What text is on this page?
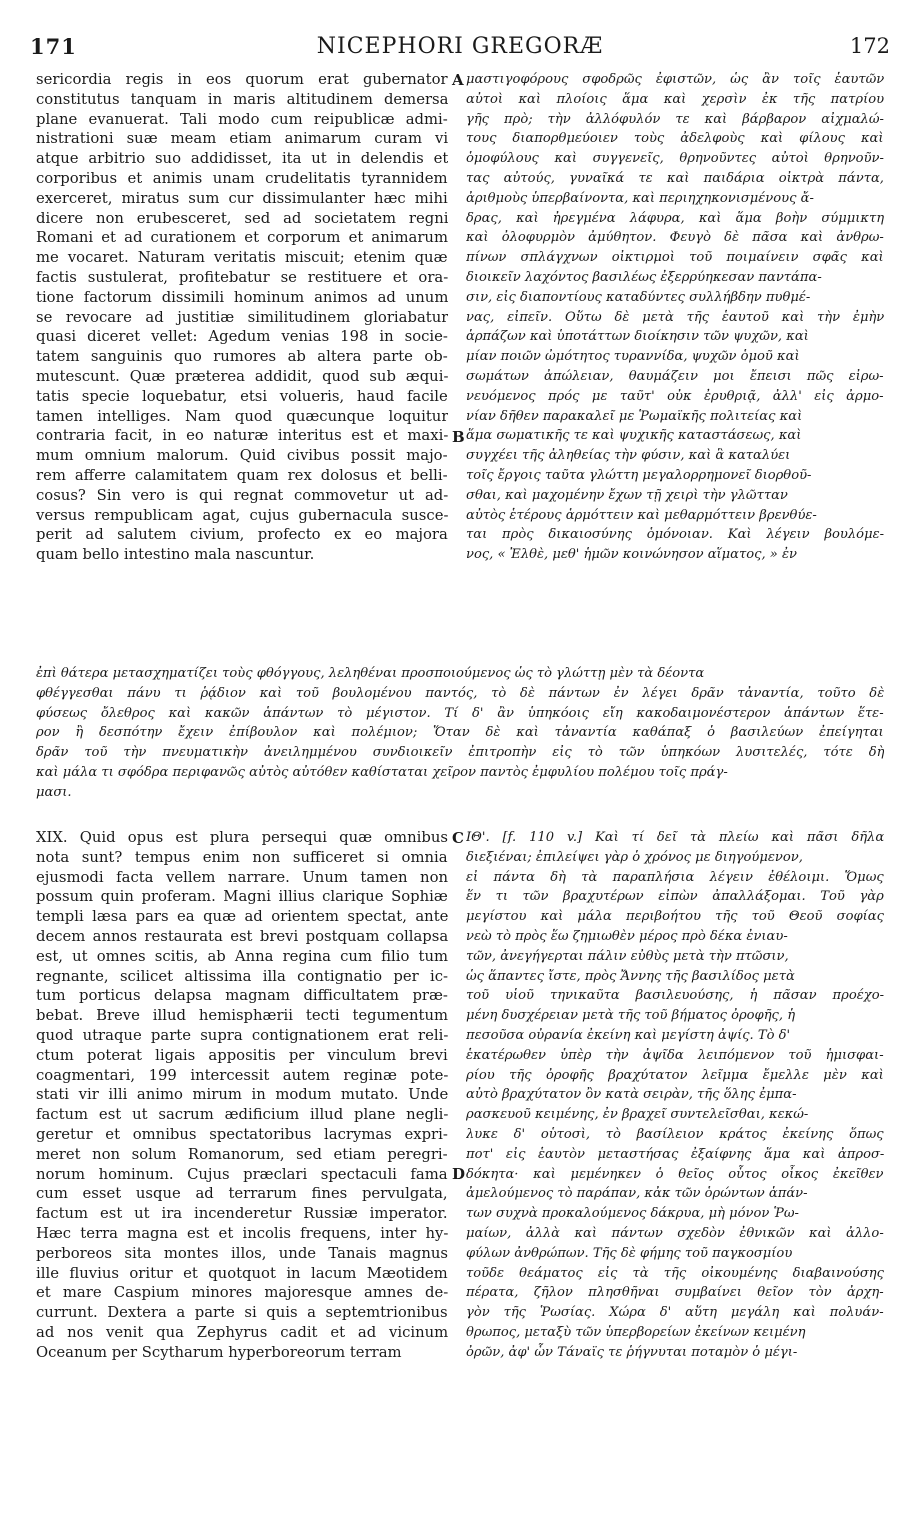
171	NICEPHORI GREGORÆ	172
sericordia regis in eos quorum erat gubernator
constitutus tanquam in maris altitudinem demersa
plane evanuerat. Tali modo cum reipublicæ admi-
nistrationi suæ meam etiam animarum curam vi
atque arbitrio suo addidisset, ita ut in delendis et
corporibus et animis unam crudelitatis tyrannidem
exerceret, miratus sum cur dissimulanter hæc mihi
dicere non erubesceret, sed ad societatem regni
Romani et ad curationem et corporum et animarum
me vocaret. Naturam veritatis miscuit; etenim quæ
factis sustulerat, profitebatur se restituere et ora-
tione factorum dissimili hominum animos ad unum
se revocare ad justitiæ similitudinem gloriabatur
quasi diceret vellet: Agedum venias 198 in socie-
tatem sanguinis quo rumores ab altera parte ob-
mutescunt. Quæ præterea addidit, quod sub æqui-
tatis specie loquebatur, etsi volueris, haud facile
tamen intelliges. Nam quod quæcunque loquitur
contraria facit, in eo naturæ interitus est et maxi-
mum omnium malorum. Quid civibus possit majo-
rem afferre calamitatem quam rex dolosus et belli-
cosus? Sin vero is qui regnat commovetur ut ad-
versus rempublicam agat, cujus gubernacula susce-
perit ad salutem civium, profecto ex eo majora
quam bello intestino mala nascuntur.
μαστιγοφόρους σφοδρῶς ἐφιστῶν, ὡς ἂν τοῖς ἑαυτῶν
αὐτοὶ καὶ πλοίοις ἅμα καὶ χερσὶν ἐκ τῆς πατρίου
γῆς πρὸ; τὴν ἀλλόφυλόν τε καὶ βάρβαρον αἰχμαλώ-
τους διαπορθμεύοιεν τοὺς ἀδελφοὺς καὶ φίλους καὶ
ὁμοφύλους καὶ συγγενεῖς, θρηνοῦντες αὐτοὶ θρηνοῦν-
τας αὐτούς, γυναῖκά τε καὶ παιδάρια οἰκτρὰ πάντα,
ἀριθμοὺς ὑπερβαίνοντα, καὶ περιηχηκονισμένους ἄ-
δρας, καὶ ἠρεγμένα λάφυρα, καὶ ἅμα βοὴν σύμμικτη
καὶ ὀλοφυρμὸν ἀμύθητον. Φευγὸ δὲ πᾶσα καὶ ἀνθρω-
πίνων σπλάγχνων οἰκτιρμοὶ τοῦ ποιμαίνειν σφᾶς καὶ
διοικεῖν λαχόντος βασιλέως ἐξερρύηκεσαν παντάπα-
σιν, εἰς διαποντίους καταδύντες συλλήβδην πυθμέ-
νας, εἰπεῖν. Οὕτω δὲ μετὰ τῆς ἑαυτοῦ καὶ τὴν ἐμὴν
ἁρπάζων καὶ ὑποτάττων διοίκησιν τῶν ψυχῶν, καὶ
μίαν ποιῶν ὠμότητος τυραννίδα, ψυχῶν ὁμοῦ καὶ
σωμάτων ἀπώλειαν, θαυμάζειν μοι ἔπεισι πῶς εἰρω-
νευόμενος πρός με ταῦτ' οὐκ ἐρυθριᾷ, ἀλλ' εἰς ἀρμο-
νίαν δῆθεν παρακαλεῖ με Ῥωμαϊκῆς πολιτείας καὶ
ἅμα σωματικῆς τε καὶ ψυχικῆς καταστάσεως, καὶ
συγχέει τῆς ἀληθείας τὴν φύσιν, καὶ ἃ καταλύει
τοῖς ἔργοις ταῦτα γλώττη μεγαλορρημονεῖ διορθοῦ-
σθαι, καὶ μαχομένην ἔχων τῇ χειρὶ τὴν γλῶτταν
αὐτὸς ἑτέρους ἁρμόττειν καὶ μεθαρμόττειν βρενθύε-
ται πρὸς δικαιοσύνης ὁμόνοιαν. Καὶ λέγειν βουλόμε-
νος, « Ἐλθὲ, μεθ' ἡμῶν κοινώνησον αἵματος, » ἐν
ἐπὶ θάτερα μετασχηματίζει τοὺς φθόγγους, λεληθέναι προσποιούμενος ὡς τὸ γλώττῃ μὲν τὰ δέοντα
φθέγγεσθαι πάνυ τι ῥᾴδιον καὶ τοῦ βουλομένου παντός, τὸ δὲ πάντων ἐν λέγει δρᾶν τἀναντία, τοῦτο δὲ
φύσεως ὄλεθρος καὶ κακῶν ἁπάντων τὸ μέγιστον. Τί δ' ἂν ὑπηκόοις εἴη κακοδαιμονέστερον ἁπάντων ἕτε-
ρον ἢ δεσπότην ἔχειν ἐπίβουλον καὶ πολέμιον; Ὅταν δὲ καὶ τἀναντία καθάπαξ ὁ βασιλεύων ἐπείγηται
δρᾶν τοῦ τὴν πνευματικὴν ἀνειλημμένου συνδιοικεῖν ἐπιτροπὴν εἰς τὸ τῶν ὑπηκόων λυσιτελές, τότε δὴ
καὶ μάλα τι σφόδρα περιφανῶς αὐτὸς αὐτόθεν καθίσταται χεῖρον παντὸς ἐμφυλίου πολέμου τοῖς πράγ-
μασι.
XIX. Quid opus est plura persequi quæ omnibus
nota sunt? tempus enim non sufficeret si omnia
ejusmodi facta vellem narrare. Unum tamen non
possum quin proferam. Magni illius clarique Sophiæ
templi læsa pars ea quæ ad orientem spectat, ante
decem annos restaurata est brevi postquam collapsa
est, ut omnes scitis, ab Anna regina cum filio tum
regnante, scilicet altissima illa contignatio per ic-
tum porticus delapsa magnam difficultatem præ-
bebat. Breve illud hemisphærii tecti tegumentum
quod utraque parte supra contignationem erat reli-
ctum poterat ligais appositis per vinculum brevi
coagmentari, 199 intercessit autem reginæ pote-
stati vir illi animo mirum in modum mutato. Unde
factum est ut sacrum ædificium illud plane negli-
geretur et omnibus spectatoribus lacrymas expri-
meret non solum Romanorum, sed etiam peregri-
norum hominum. Cujus præclari spectaculi fama
cum esset usque ad terrarum fines pervulgata,
factum est ut ira incenderetur Russiæ imperator.
Hæc terra magna est et incolis frequens, inter hy-
perboreos sita montes illos, unde Tanais magnus
ille fluvius oritur et quotquot in lacum Mæotidem
et mare Caspium minores majoresque amnes de-
currunt. Dextera a parte si quis a septemtrionibus
ad nos venit qua Zephyrus cadit et ad vicinum
Oceanum per Scytharum hyperboreorum terram
ΙΘ'. [f. 110 v.] Καὶ τί δεῖ τὰ πλείω καὶ πᾶσι δῆλα
διεξιέναι; ἐπιλείψει γὰρ ὁ χρόνος με διηγούμενον,
εἰ πάντα δὴ τὰ παραπλήσια λέγειν ἐθέλοιμι. Ὅμως
ἕν τι τῶν βραχυτέρων εἰπὼν ἀπαλλάξομαι. Τοῦ γὰρ
μεγίστου καὶ μάλα περιβοήτου τῆς τοῦ Θεοῦ σοφίας
νεὼ τὸ πρὸς ἕω ζημιωθὲν μέρος πρὸ δέκα ἐνιαυ-
τῶν, ἀνεγήγερται πάλιν εὐθὺς μετὰ τὴν πτῶσιν,
ὡς ἅπαντες ἴστε, πρὸς Ἄννης τῆς βασιλίδος μετὰ
τοῦ υἱοῦ τηνικαῦτα βασιλευούσης, ἡ πᾶσαν προέχο-
μένη δυσχέρειαν μετὰ τῆς τοῦ βήματος ὀροφῆς, ἡ
πεσοῦσα οὐρανία ἐκείνη καὶ μεγίστη ἀψίς. Τὸ δ'
ἑκατέρωθεν ὑπὲρ τὴν ἀψῖδα λειπόμενον τοῦ ἡμισφαι-
ρίου τῆς ὀροφῆς βραχύτατον λεῖμμα ἔμελλε μὲν καὶ
αὐτὸ βραχύτατον ὂν κατὰ σειρὰν, τῆς ὅλης ἐμπα-
ρασκευοῦ κειμένης, ἐν βραχεῖ συντελεῖσθαι, κεκώ-
λυκε δ' οὑτοσὶ, τὸ βασίλειον κράτος ἐκείνης ὅπως
ποτ' εἰς ἑαυτὸν μεταστήσας ἐξαίφνης ἅμα καὶ ἀπροσ-
δόκητα· καὶ μεμένηκεν ὁ θεῖος οὗτος οἶκος ἐκεῖθεν
ἀμελούμενος τὸ παράπαν, κἀκ τῶν ὁρώντων ἁπάν-
των συχνὰ προκαλούμενος δάκρυα, μὴ μόνον Ῥω-
μαίων, ἀλλὰ καὶ πάντων σχεδὸν ἐθνικῶν καὶ ἀλλο-
φύλων ἀνθρώπων. Τῆς δὲ φήμης τοῦ παγκοσμίου
τοῦδε θεάματος εἰς τὰ τῆς οἰκουμένης διαβαινούσης
πέρατα, ζῆλον πλησθῆναι συμβαίνει θεῖον τὸν ἀρχη-
γὸν τῆς Ῥωσίας. Χώρα δ' αὕτη μεγάλη καὶ πολυάν-
θρωπος, μεταξὺ τῶν ὑπερβορείων ἐκείνων κειμένη
ὀρῶν, ἀφ' ὧν Τάναϊς τε ῥήγνυται ποταμὸν ὁ μέγι-
A
B
C
D
